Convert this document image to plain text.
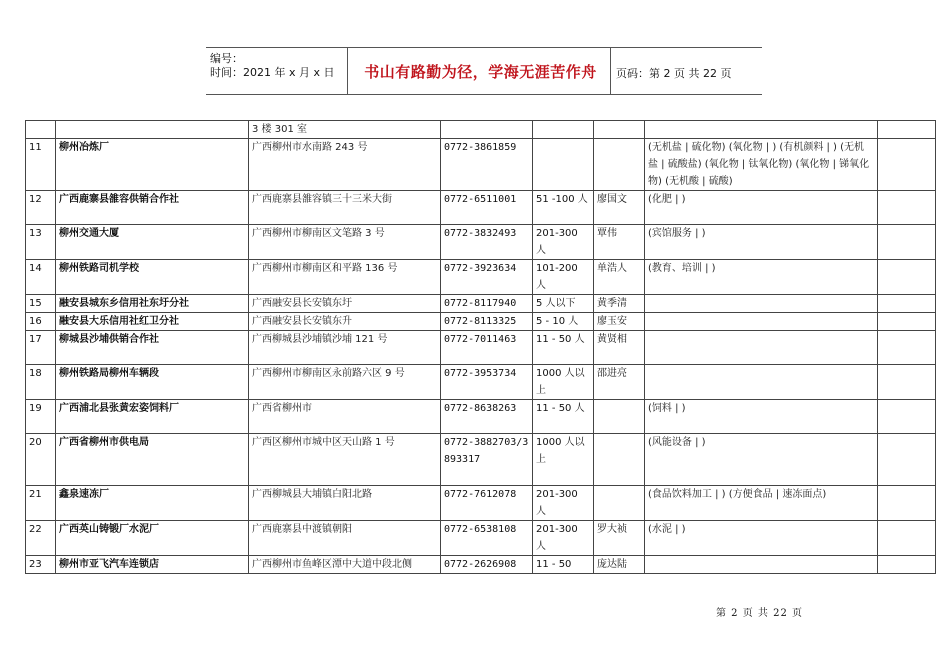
编号：
时间：2021 年 x 月 x 日	书山有路勤为径，学海无涯苦作舟	页码：第 2 页 共 22 页
		3 楼 301 室					
11	柳州冶炼厂	广西柳州市水南路 243 号	0772-3861859			(无机盐 | 硫化物) (氧化物 | ) (有机颜料 | ) (无机盐 | 硫酸盐) (氧化物 | 钛氧化物) (氧化物 | 锑氧化物) (无机酸 | 硫酸)	
12	广西鹿寨县雒容供销合作社	广西鹿寨县雒容镇三十三米大街	0772-6511001	51 -100 人	廖国文	(化肥 | )	
13	柳州交通大厦	广西柳州市柳南区文笔路 3 号	0772-3832493	201-300 人	覃伟	(宾馆服务 | )	
14	柳州铁路司机学校	广西柳州市柳南区和平路 136 号	0772-3923634	101-200 人	单浩人	(教育、培训 | )	
15	融安县城东乡信用社东圩分社	广西融安县长安镇东圩	0772-8117940	5 人以下	黄季清		
16	融安县大乐信用社红卫分社	广西融安县长安镇东升	0772-8113325	5 - 10 人	廖玉安		
17	柳城县沙埔供销合作社	广西柳城县沙埔镇沙埔 121 号	0772-7011463	11 - 50 人	黄贤相		
18	柳州铁路局柳州车辆段	广西柳州市柳南区永前路六区 9 号	0772-3953734	1000 人以上	邵进亮		
19	广西浦北县张黄宏姿饲料厂	广西省柳州市	0772-8638263	11 - 50 人		(饲料 | )	
20	广西省柳州市供电局	广西区柳州市城中区天山路 1 号	0772-3882703/3893317	1000 人以上		(风能设备 | )	
21	鑫泉速冻厂	广西柳城县大埔镇白阳北路	0772-7612078	201-300 人		(食品饮料加工 | ) (方便食品 | 速冻面点)	
22	广西英山铸锻厂水泥厂	广西鹿寨县中渡镇朝阳	0772-6538108	201-300 人	罗大祯	(水泥 | )	
23	柳州市亚飞汽车连锁店	广西柳州市鱼峰区潭中大道中段北侧	0772-2626908	11 - 50	庞达陆		
第 2 页 共 22 页
